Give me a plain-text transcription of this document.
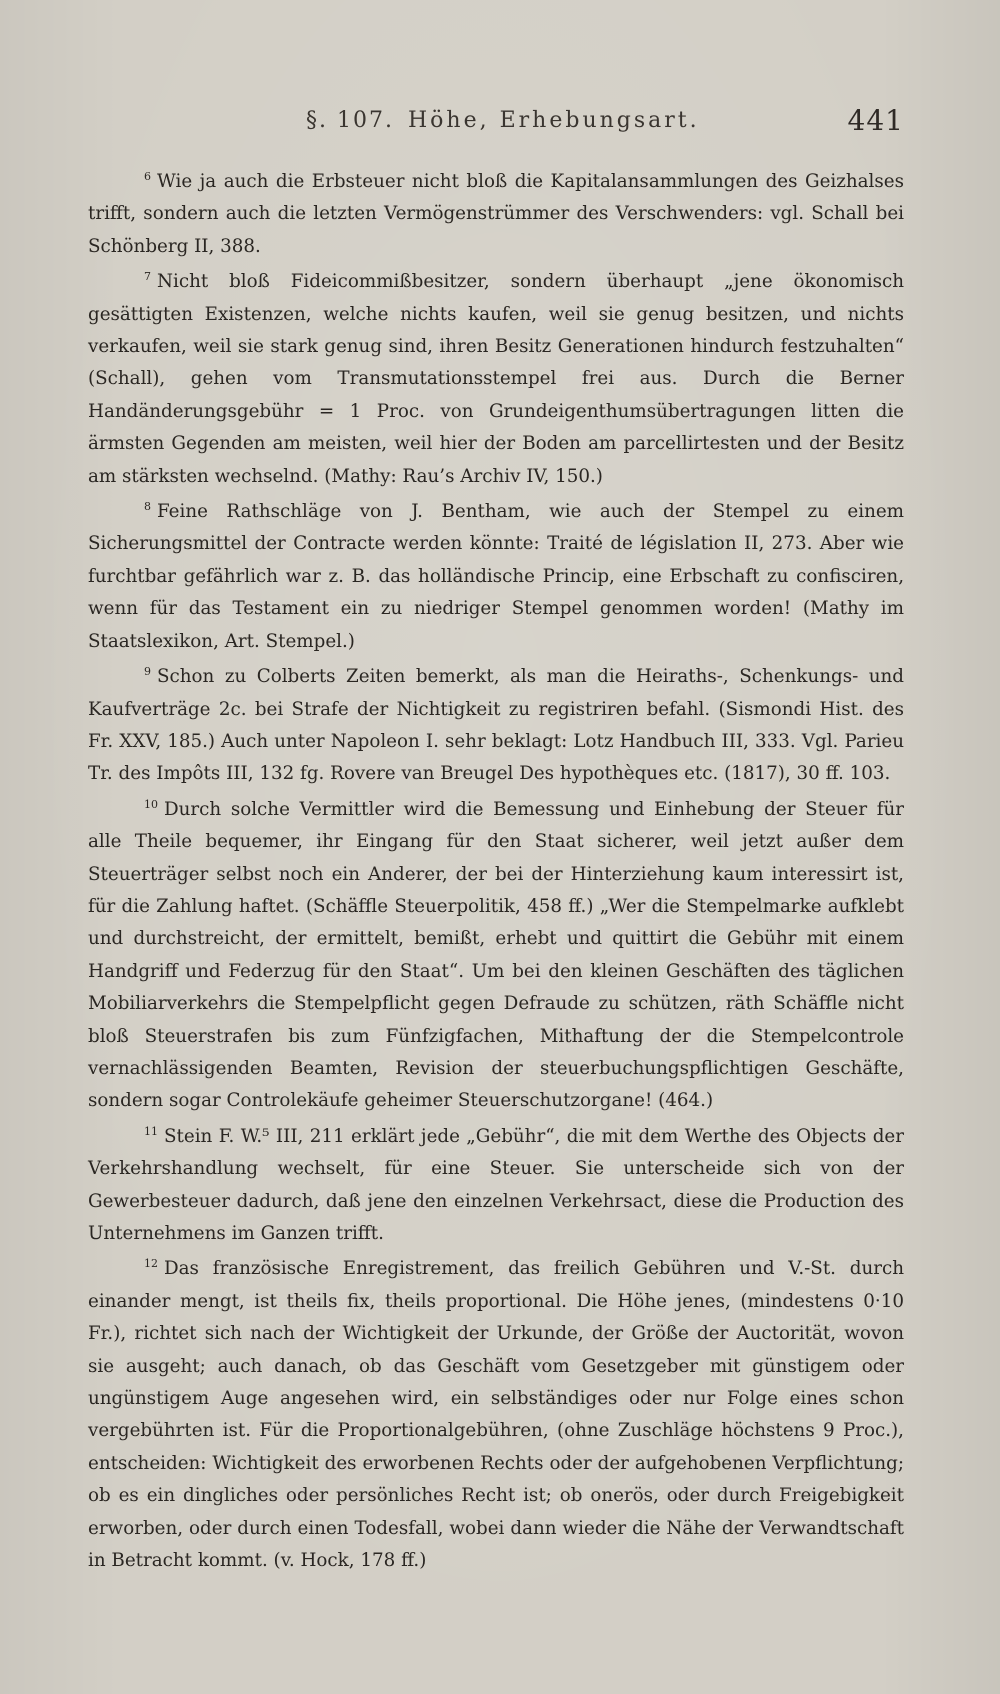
§. 107. Höhe, Erhebungsart.	441

$^6$ Wie ja auch die Erbsteuer nicht bloß die Kapitalansammlungen des Geizhalses trifft, sondern auch die letzten Vermögenstrümmer des Verschwenders: vgl. Schall bei Schönberg II, 388.

$^7$ Nicht bloß Fideicommißbesitzer, sondern überhaupt „jene ökonomisch gesättigten Existenzen, welche nichts kaufen, weil sie genug besitzen, und nichts verkaufen, weil sie stark genug sind, ihren Besitz Generationen hindurch festzuhalten“ (Schall), gehen vom Transmutationsstempel frei aus. Durch die Berner Handänderungsgebühr = 1 Proc. von Grundeigenthumsübertragungen litten die ärmsten Gegenden am meisten, weil hier der Boden am parcellirtesten und der Besitz am stärksten wechselnd. (Mathy: Rau’s Archiv IV, 150.)

$^8$ Feine Rathschläge von J. Bentham, wie auch der Stempel zu einem Sicherungsmittel der Contracte werden könnte: Traité de législation II, 273. Aber wie furchtbar gefährlich war z. B. das holländische Princip, eine Erbschaft zu confisciren, wenn für das Testament ein zu niedriger Stempel genommen worden! (Mathy im Staatslexikon, Art. Stempel.)

$^9$ Schon zu Colberts Zeiten bemerkt, als man die Heiraths-, Schenkungs- und Kaufverträge 2c. bei Strafe der Nichtigkeit zu registriren befahl. (Sismondi Hist. des Fr. XXV, 185.) Auch unter Napoleon I. sehr beklagt: Lotz Handbuch III, 333. Vgl. Parieu Tr. des Impôts III, 132 fg. Rovere van Breugel Des hypothèques etc. (1817), 30 ff. 103.

$^{10}$ Durch solche Vermittler wird die Bemessung und Einhebung der Steuer für alle Theile bequemer, ihr Eingang für den Staat sicherer, weil jetzt außer dem Steuerträger selbst noch ein Anderer, der bei der Hinterziehung kaum interessirt ist, für die Zahlung haftet. (Schäffle Steuerpolitik, 458 ff.) „Wer die Stempelmarke aufklebt und durchstreicht, der ermittelt, bemißt, erhebt und quittirt die Gebühr mit einem Handgriff und Federzug für den Staat“. Um bei den kleinen Geschäften des täglichen Mobiliarverkehrs die Stempelpflicht gegen Defraude zu schützen, räth Schäffle nicht bloß Steuerstrafen bis zum Fünfzigfachen, Mithaftung der die Stempelcontrole vernachlässigenden Beamten, Revision der steuerbuchungspflichtigen Geschäfte, sondern sogar Controlekäufe geheimer Steuerschutzorgane! (464.)

$^{11}$ Stein F. W.⁵ III, 211 erklärt jede „Gebühr“, die mit dem Werthe des Objects der Verkehrshandlung wechselt, für eine Steuer. Sie unterscheide sich von der Gewerbesteuer dadurch, daß jene den einzelnen Verkehrsact, diese die Production des Unternehmens im Ganzen trifft.

$^{12}$ Das französische Enregistrement, das freilich Gebühren und V.-St. durch einander mengt, ist theils fix, theils proportional. Die Höhe jenes, (mindestens 0·10 Fr.), richtet sich nach der Wichtigkeit der Urkunde, der Größe der Auctorität, wovon sie ausgeht; auch danach, ob das Geschäft vom Gesetzgeber mit günstigem oder ungünstigem Auge angesehen wird, ein selbständiges oder nur Folge eines schon vergebührten ist. Für die Proportionalgebühren, (ohne Zuschläge höchstens 9 Proc.), entscheiden: Wichtigkeit des erworbenen Rechts oder der aufgehobenen Verpflichtung; ob es ein dingliches oder persönliches Recht ist; ob onerös, oder durch Freigebigkeit erworben, oder durch einen Todesfall, wobei dann wieder die Nähe der Verwandtschaft in Betracht kommt. (v. Hock, 178 ff.)
